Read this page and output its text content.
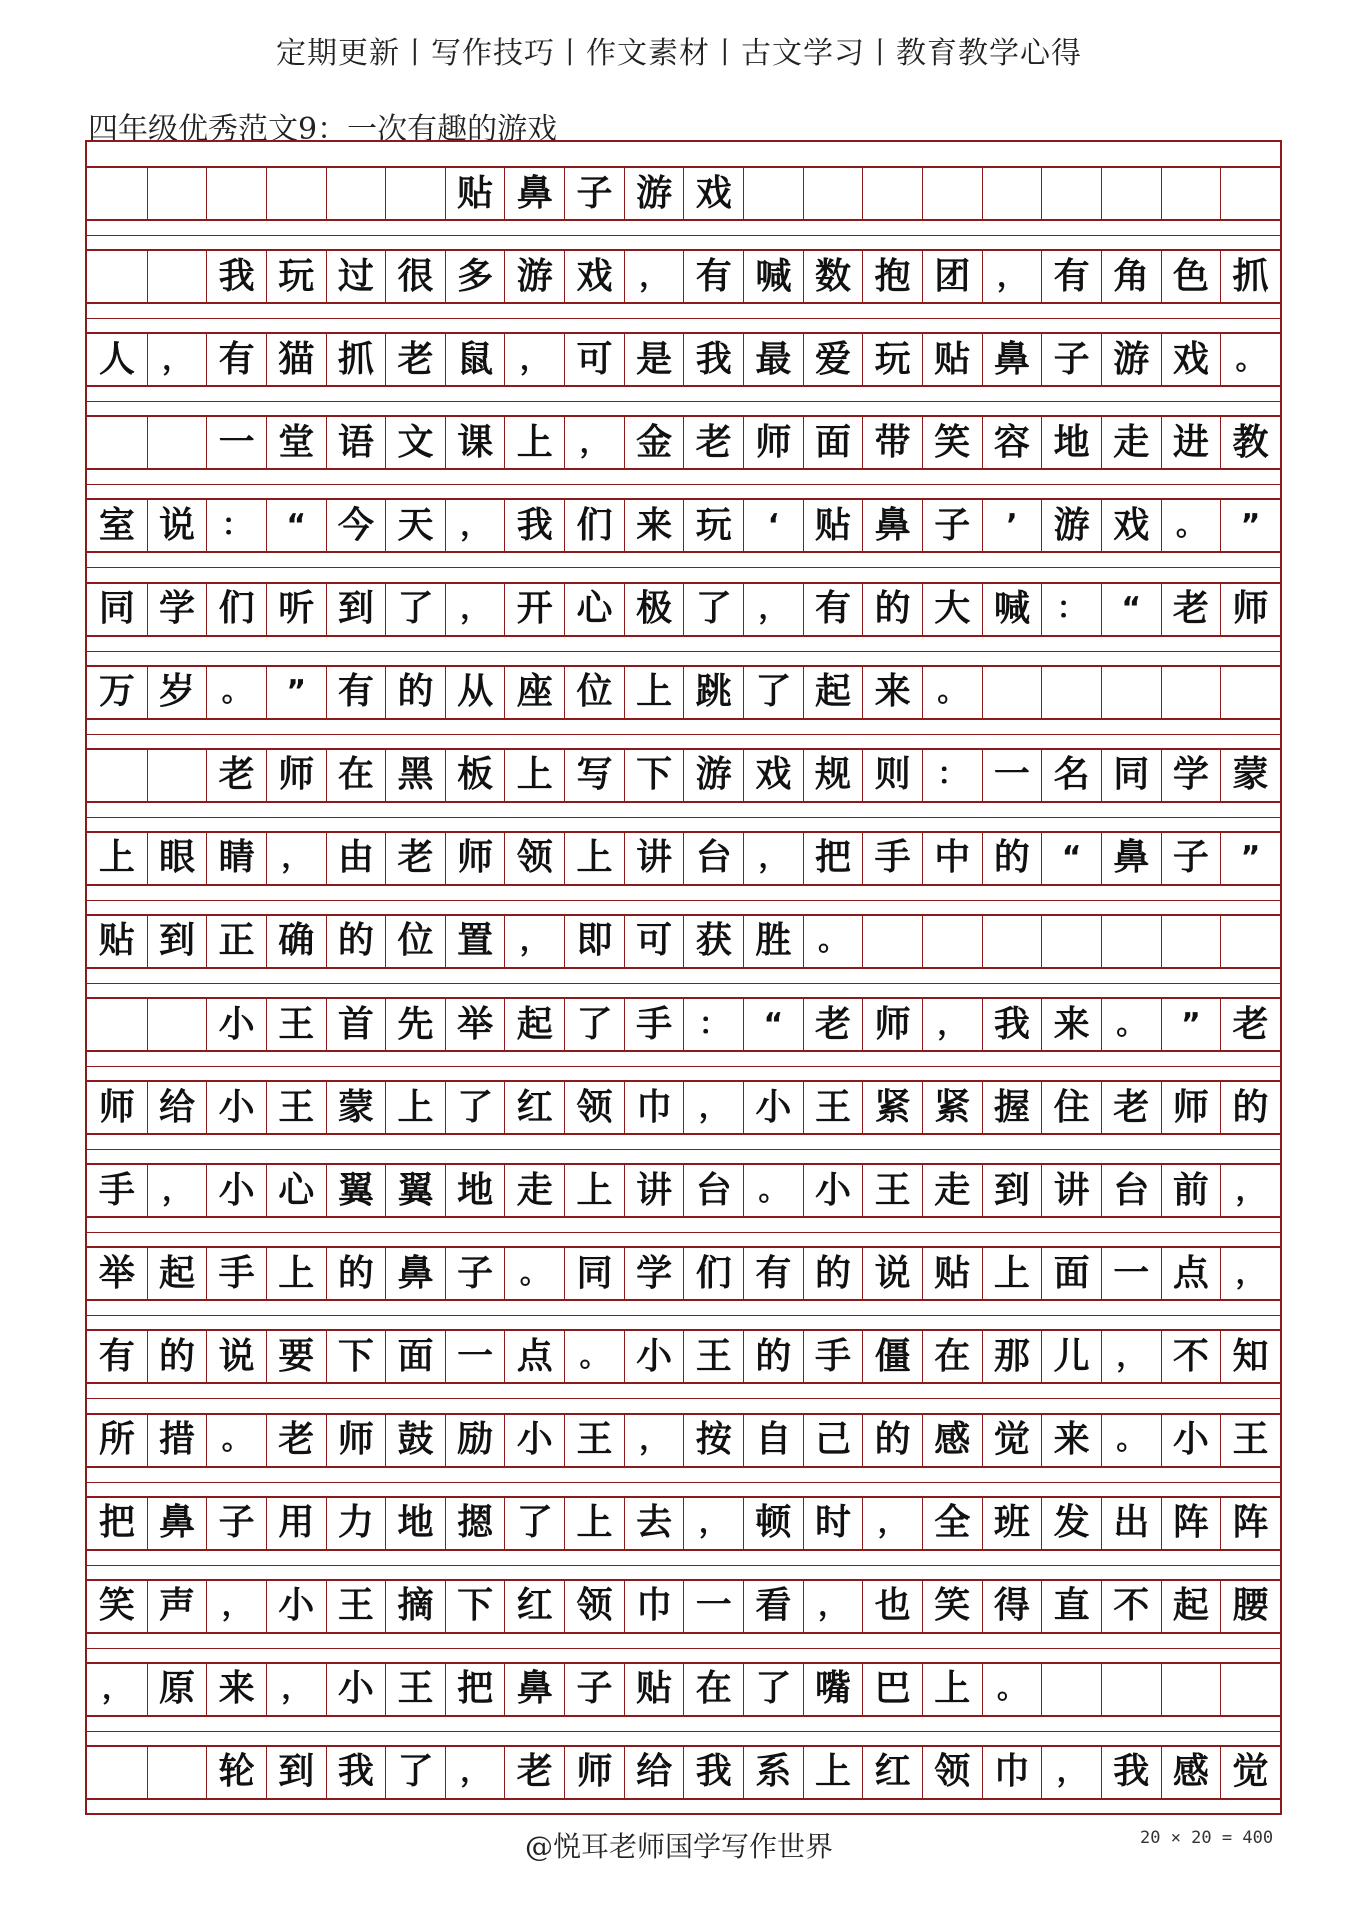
定期更新丨写作技巧丨作文素材丨古文学习丨教育教学心得
四年级优秀范文9：一次有趣的游戏
贴 鼻 子 游 戏
我 玩 过 很 多 游 戏 ， 有 喊 数 抱 团 ， 有 角 色 抓
人 ， 有 猫 抓 老 鼠 ， 可 是 我 最 爱 玩 贴 鼻 子 游 戏 。
一 堂 语 文 课 上 ， 金 老 师 面 带 笑 容 地 走 进 教
室 说 ：	“ 今 天 ， 我 们 来 玩	‘ 贴 鼻 子	’ 游 戏 。	”
同 学 们 听 到 了 ， 开 心 极 了 ， 有 的 大 喊 ：	“ 老 师
万 岁 。	” 有 的 从 座 位 上 跳 了 起 来 。
老 师 在 黑 板 上 写 下 游 戏 规 则 ： 一 名 同 学 蒙
上 眼 睛 ， 由 老 师 领 上 讲 台 ， 把 手 中 的	“ 鼻 子	”
贴 到 正 确 的 位 置 ， 即 可 获 胜 。
小 王 首 先 举 起 了 手 ：	“ 老 师 ， 我 来 。	” 老
师 给 小 王 蒙 上 了 红 领 巾 ， 小 王 紧 紧 握 住 老 师 的
手 ， 小 心 翼 翼 地 走 上 讲 台 。 小 王 走 到 讲 台 前 ，
举 起 手 上 的 鼻 子 。 同 学 们 有 的 说 贴 上 面 一 点 ，
有 的 说 要 下 面 一 点 。 小 王 的 手 僵 在 那 儿 ， 不 知
所 措 。 老 师 鼓 励 小 王 ， 按 自 己 的 感 觉 来 。 小 王
把 鼻 子 用 力 地 摁 了 上 去 ， 顿 时 ， 全 班 发 出 阵 阵
笑 声 ， 小 王 摘 下 红 领 巾 一 看 ， 也 笑 得 直 不 起 腰
， 原 来 ， 小 王 把 鼻 子 贴 在 了 嘴 巴 上 。
轮 到 我 了 ， 老 师 给 我 系 上 红 领 巾 ， 我 感 觉
@悦耳老师国学写作世界	20 × 20 = 400
